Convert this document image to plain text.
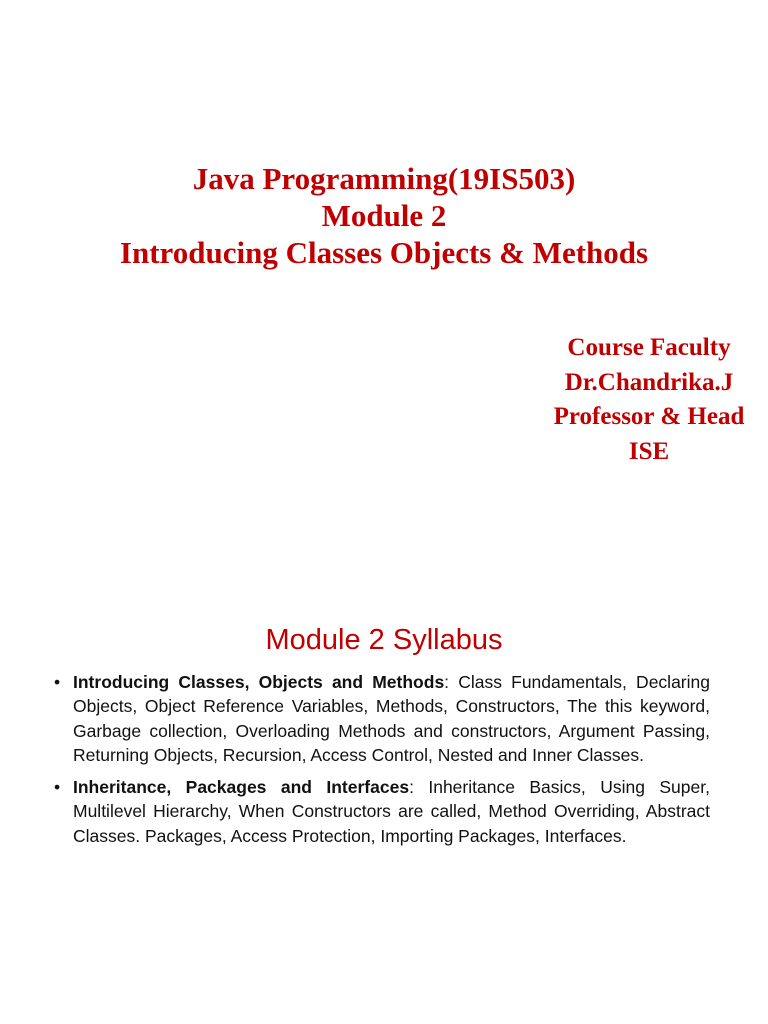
Java Programming(19IS503)
Module 2
Introducing Classes Objects & Methods
Course Faculty
Dr.Chandrika.J
Professor & Head
ISE
Module 2 Syllabus
• Introducing Classes, Objects and Methods: Class Fundamentals, Declaring Objects, Object Reference Variables, Methods, Constructors, The this keyword, Garbage collection, Overloading Methods and constructors, Argument Passing, Returning Objects, Recursion, Access Control, Nested and Inner Classes.
• Inheritance, Packages and Interfaces: Inheritance Basics, Using Super, Multilevel Hierarchy, When Constructors are called, Method Overriding, Abstract Classes. Packages, Access Protection, Importing Packages, Interfaces.
